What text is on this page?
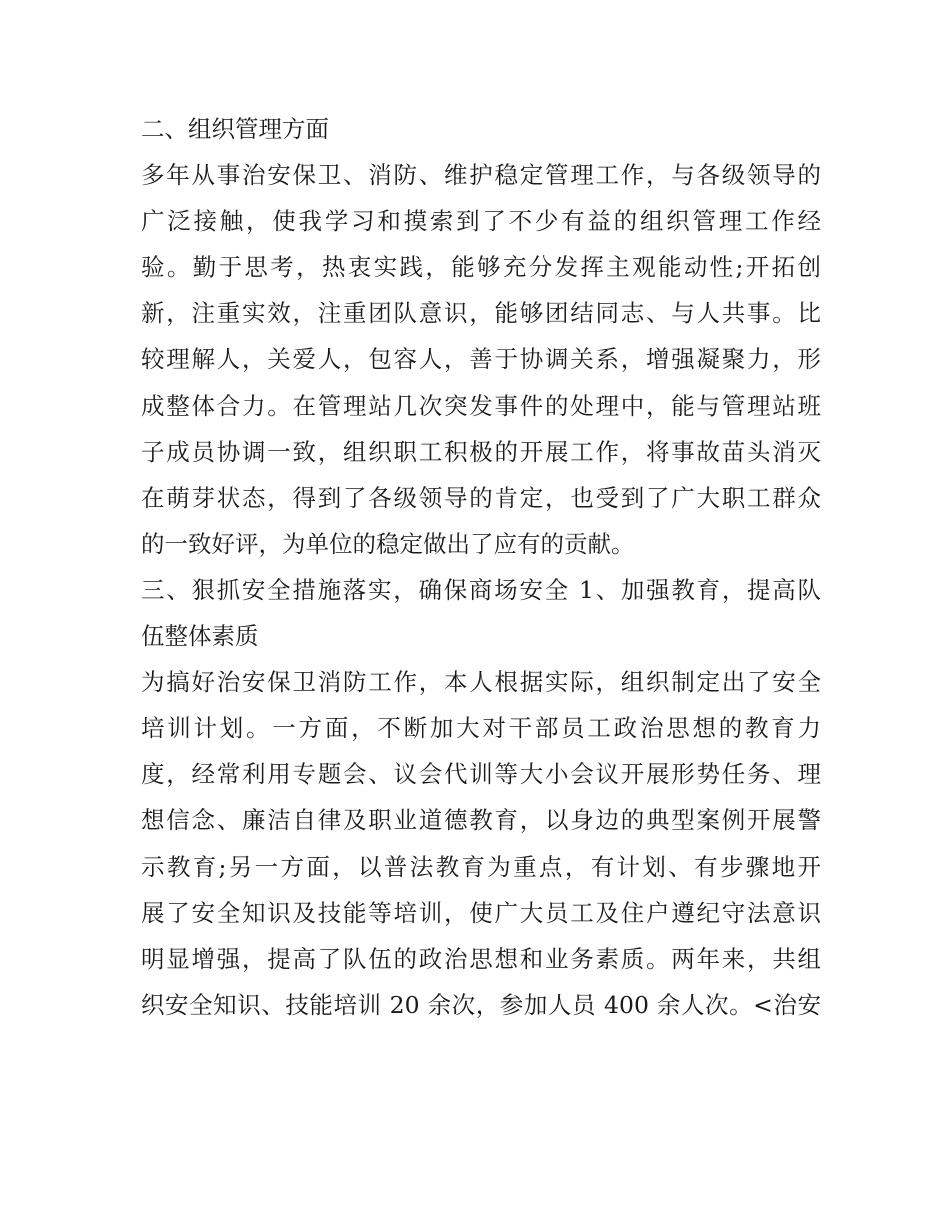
二、组织管理方面
多年从事治安保卫、消防、维护稳定管理工作，与各级领导的
广泛接触，使我学习和摸索到了不少有益的组织管理工作经
验。勤于思考，热衷实践，能够充分发挥主观能动性;开拓创
新，注重实效，注重团队意识，能够团结同志、与人共事。比
较理解人，关爱人，包容人，善于协调关系，增强凝聚力，形
成整体合力。在管理站几次突发事件的处理中，能与管理站班
子成员协调一致，组织职工积极的开展工作，将事故苗头消灭
在萌芽状态，得到了各级领导的肯定，也受到了广大职工群众
的一致好评，为单位的稳定做出了应有的贡献。
三、狠抓安全措施落实，确保商场安全 1、加强教育，提高队
伍整体素质
为搞好治安保卫消防工作，本人根据实际，组织制定出了安全
培训计划。一方面，不断加大对干部员工政治思想的教育力
度，经常利用专题会、议会代训等大小会议开展形势任务、理
想信念、廉洁自律及职业道德教育，以身边的典型案例开展警
示教育;另一方面，以普法教育为重点，有计划、有步骤地开
展了安全知识及技能等培训，使广大员工及住户遵纪守法意识
明显增强，提高了队伍的政治思想和业务素质。两年来，共组
织安全知识、技能培训 20 余次，参加人员 400 余人次。<治安
